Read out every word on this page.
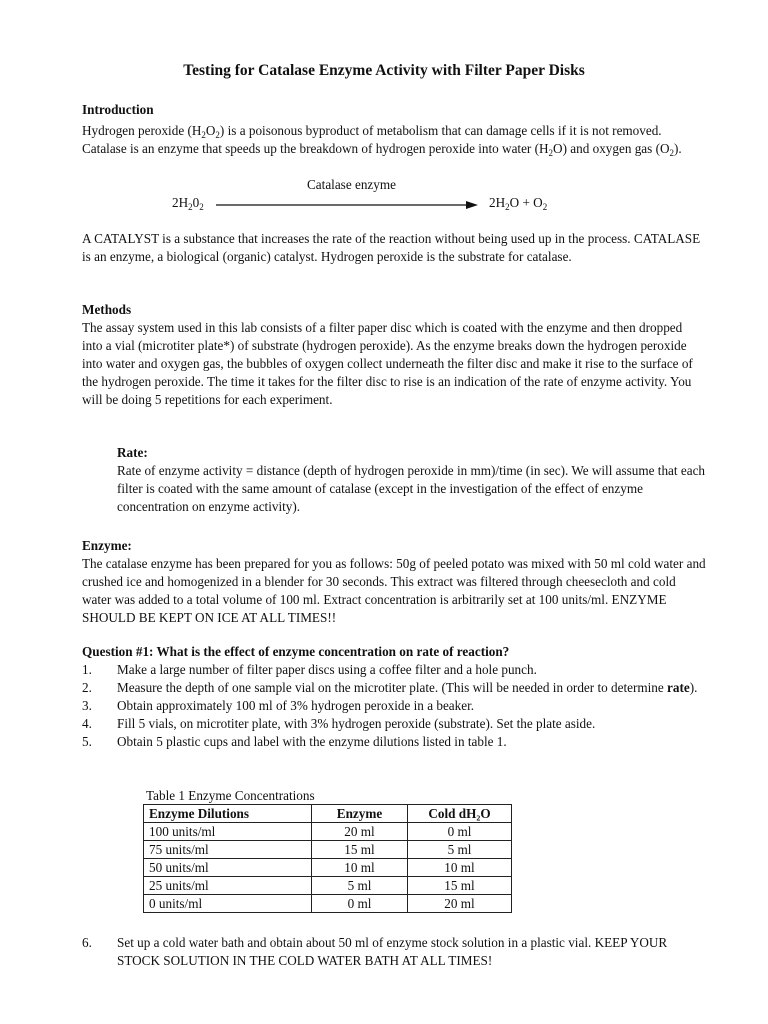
Testing for Catalase Enzyme Activity with Filter Paper Disks
Introduction
Hydrogen peroxide $(H_2O_2)$ is a poisonous byproduct of metabolism that can damage cells if it is not removed. Catalase is an enzyme that speeds up the breakdown of hydrogen peroxide into water $(H_2O)$ and oxygen gas $(O_2)$.
Catalase enzyme
$2H_20_2$	$2H_2O + O_2$
A CATALYST is a substance that increases the rate of the reaction without being used up in the process. CATALASE is an enzyme, a biological (organic) catalyst. Hydrogen peroxide is the substrate for catalase.
Methods
The assay system used in this lab consists of a filter paper disc which is coated with the enzyme and then dropped into a vial (microtiter plate*) of substrate (hydrogen peroxide). As the enzyme breaks down the hydrogen peroxide into water and oxygen gas, the bubbles of oxygen collect underneath the filter disc and make it rise to the surface of the hydrogen peroxide. The time it takes for the filter disc to rise is an indication of the rate of enzyme activity. You will be doing 5 repetitions for each experiment.
Rate:
Rate of enzyme activity = distance (depth of hydrogen peroxide in mm)/time (in sec). We will assume that each filter is coated with the same amount of catalase (except in the investigation of the effect of enzyme concentration on enzyme activity).
Enzyme:
The catalase enzyme has been prepared for you as follows: 50g of peeled potato was mixed with 50 ml cold water and crushed ice and homogenized in a blender for 30 seconds. This extract was filtered through cheesecloth and cold water was added to a total volume of 100 ml. Extract concentration is arbitrarily set at 100 units/ml. ENZYME SHOULD BE KEPT ON ICE AT ALL TIMES!!
Question #1: What is the effect of enzyme concentration on rate of reaction?
1. Make a large number of filter paper discs using a coffee filter and a hole punch.
2. Measure the depth of one sample vial on the microtiter plate. (This will be needed in order to determine rate).
3. Obtain approximately 100 ml of 3% hydrogen peroxide in a beaker.
4. Fill 5 vials, on microtiter plate, with 3% hydrogen peroxide (substrate). Set the plate aside.
5. Obtain 5 plastic cups and label with the enzyme dilutions listed in table 1.
Table 1 Enzyme Concentrations
Enzyme Dilutions	Enzyme	Cold dH₂O
100 units/ml	20 ml	0 ml
75 units/ml	15 ml	5 ml
50 units/ml	10 ml	10 ml
25 units/ml	5 ml	15 ml
0 units/ml	0 ml	20 ml
6. Set up a cold water bath and obtain about 50 ml of enzyme stock solution in a plastic vial. KEEP YOUR STOCK SOLUTION IN THE COLD WATER BATH AT ALL TIMES!
